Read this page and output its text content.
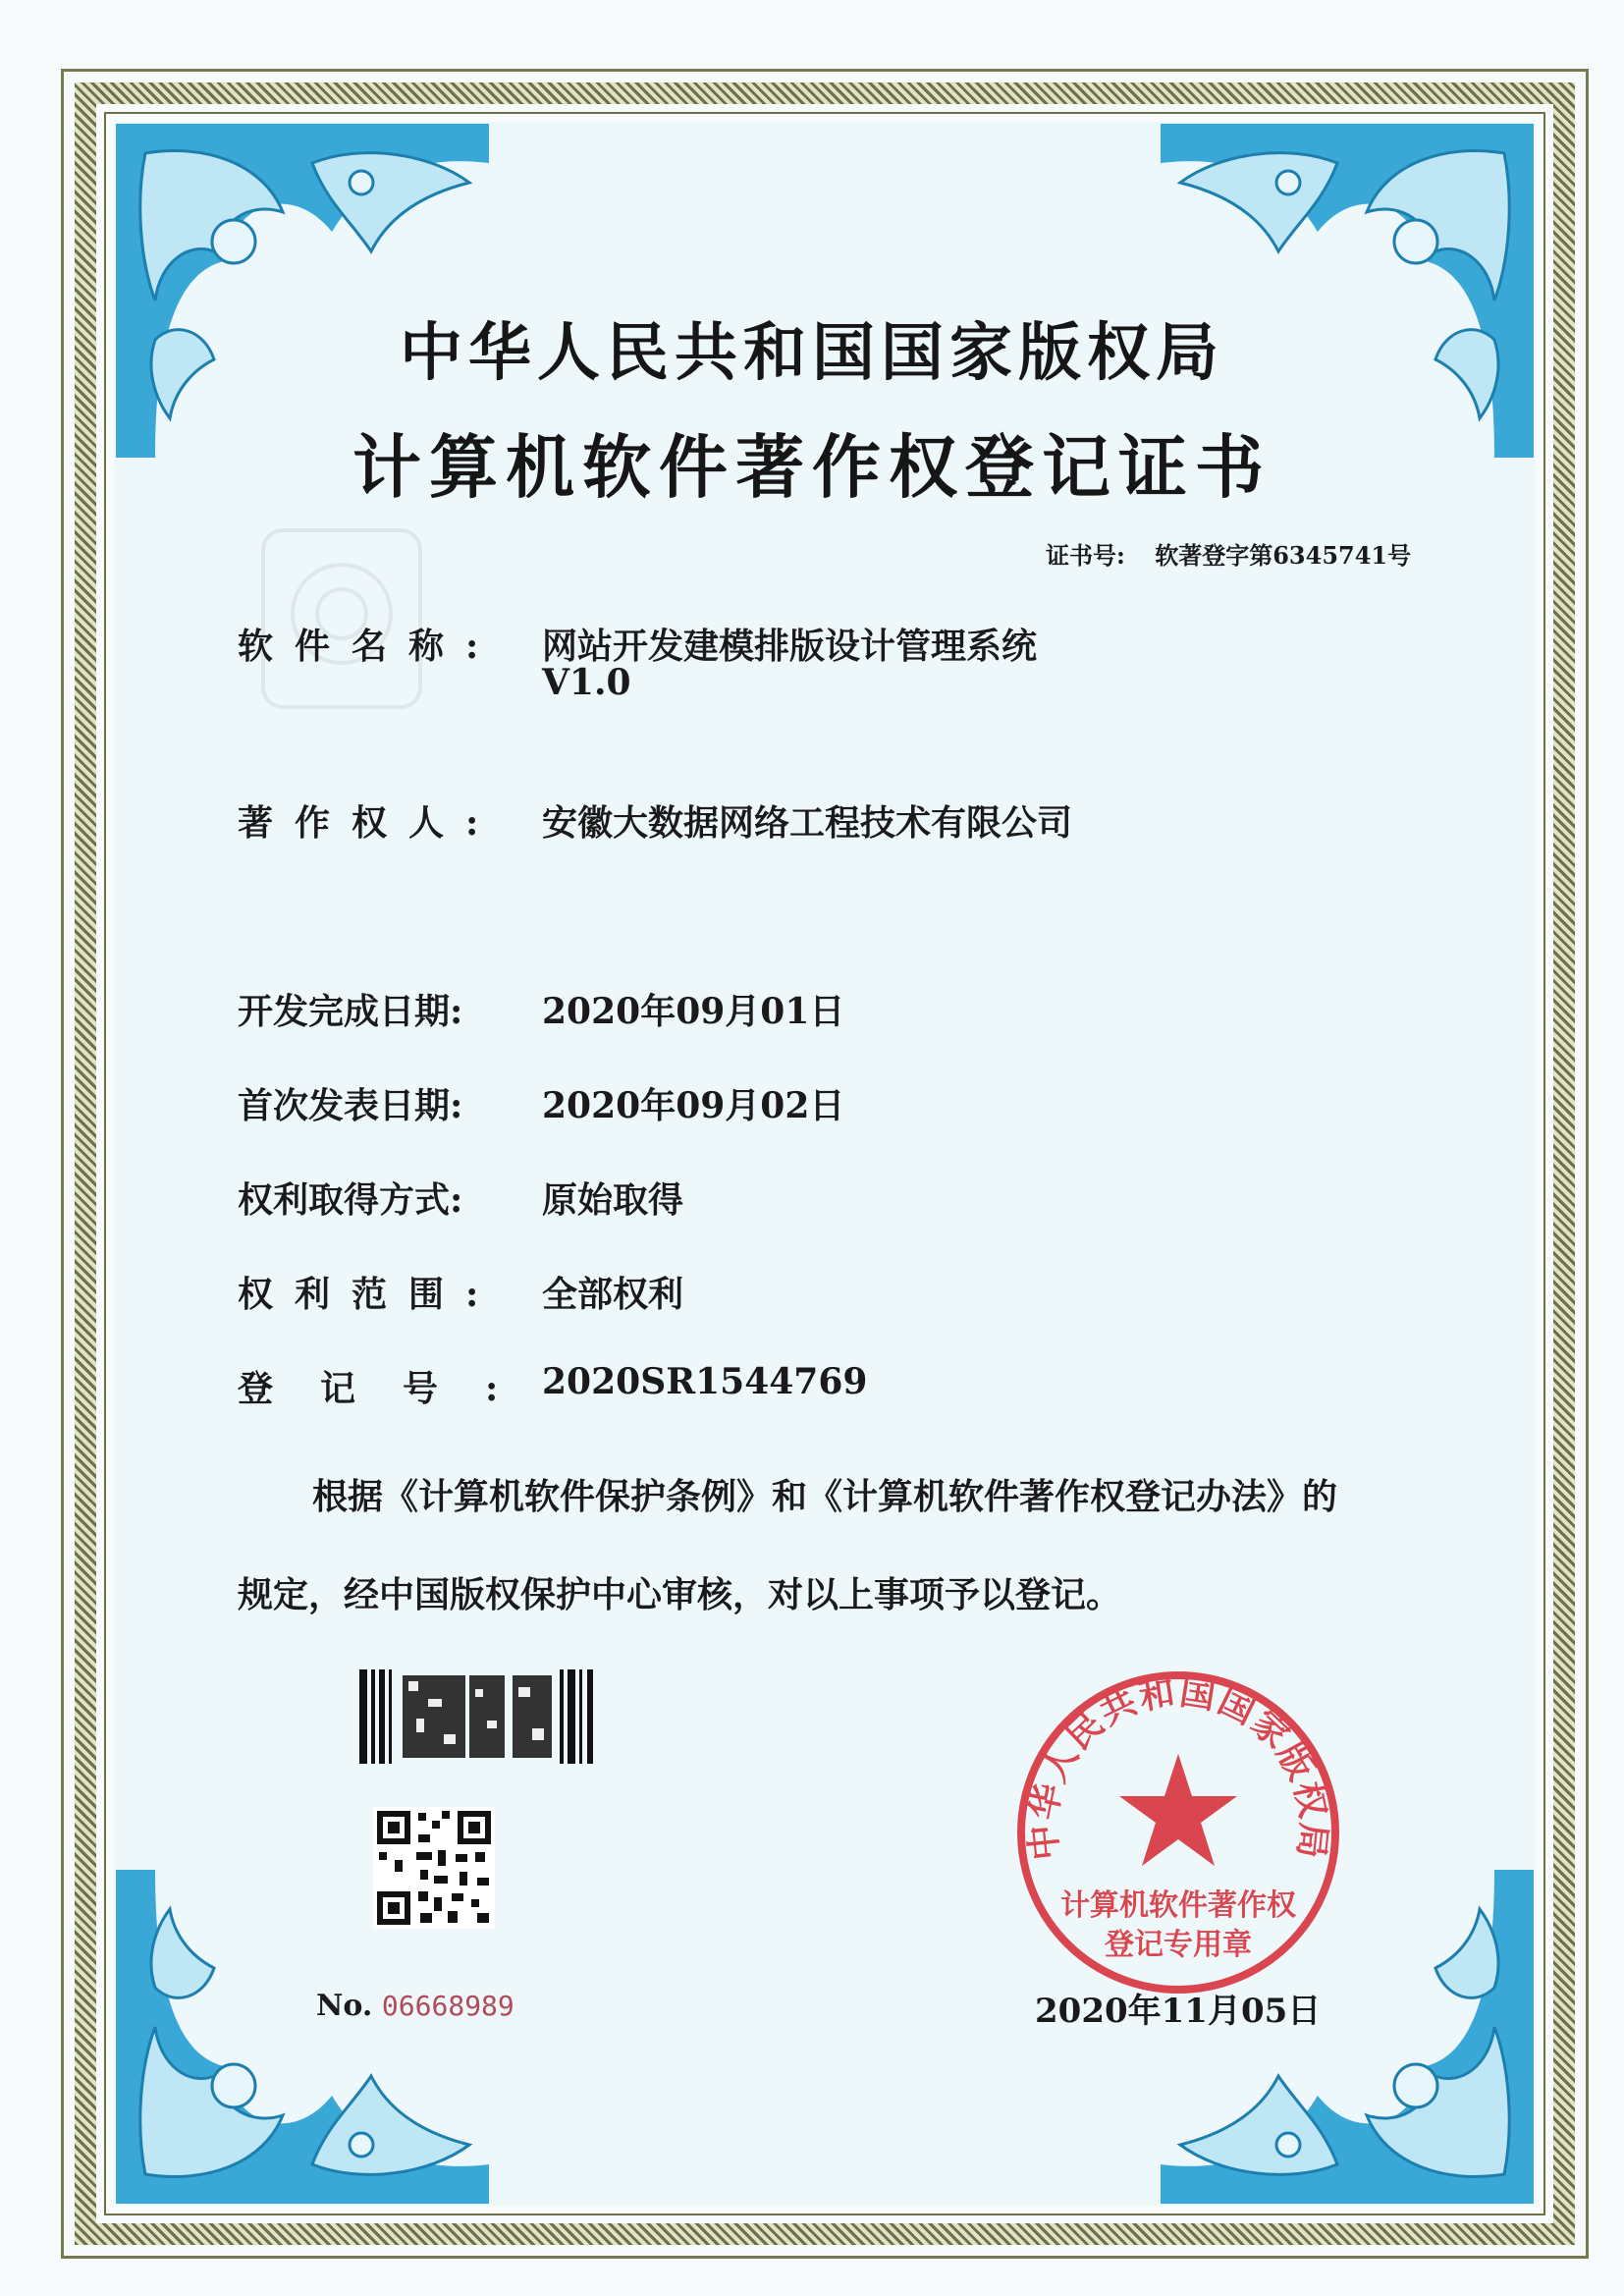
中华人民共和国国家版权局
计算机软件著作权登记证书
证书号: 软著登字第6345741号
软件名称:	网站开发建模排版设计管理系统
V1.0
著作权人:	安徽大数据网络工程技术有限公司
开发完成日期:	2020年09月01日
首次发表日期:	2020年09月02日
权利取得方式:	原始取得
权利范围:	全部权利
登记号:
2020SR1544769
根据《计算机软件保护条例》和《计算机软件著作权登记办法》的
规定，经中国版权保护中心审核，对以上事项予以登记。
No. 06668989
中华人民共和国国家版权局
计算机软件著作权
登记专用章
2020年11月05日
